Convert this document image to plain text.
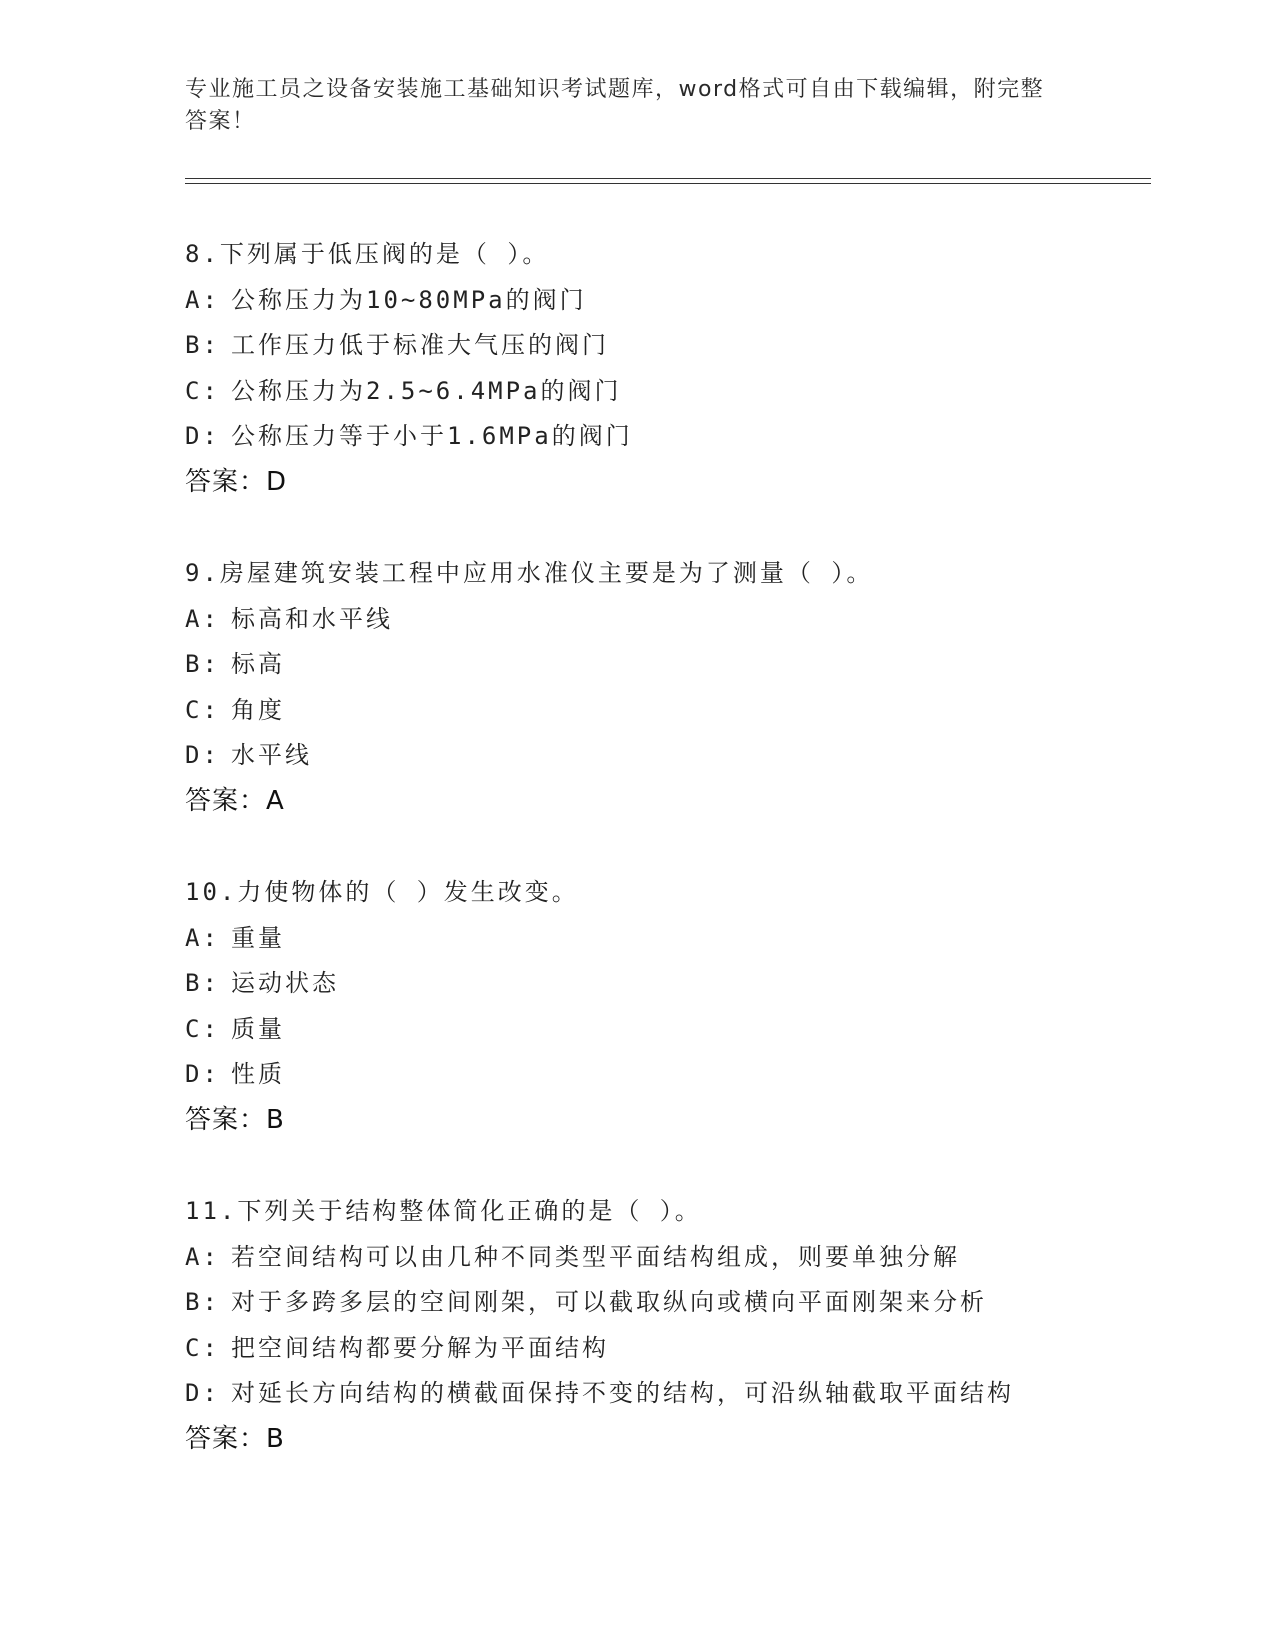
专业施工员之设备安装施工基础知识考试题库，word格式可自由下载编辑，附完整答案！
8.下列属于低压阀的是（ ）。
A: 公称压力为10~80MPa的阀门
B: 工作压力低于标准大气压的阀门
C: 公称压力为2.5~6.4MPa的阀门
D: 公称压力等于小于1.6MPa的阀门
答案：D
9.房屋建筑安装工程中应用水准仪主要是为了测量（ ）。
A: 标高和水平线
B: 标高
C: 角度
D: 水平线
答案：A
10.力使物体的（ ）发生改变。
A: 重量
B: 运动状态
C: 质量
D: 性质
答案：B
11.下列关于结构整体简化正确的是（ ）。
A: 若空间结构可以由几种不同类型平面结构组成，则要单独分解
B: 对于多跨多层的空间刚架，可以截取纵向或横向平面刚架来分析
C: 把空间结构都要分解为平面结构
D: 对延长方向结构的横截面保持不变的结构，可沿纵轴截取平面结构
答案：B
